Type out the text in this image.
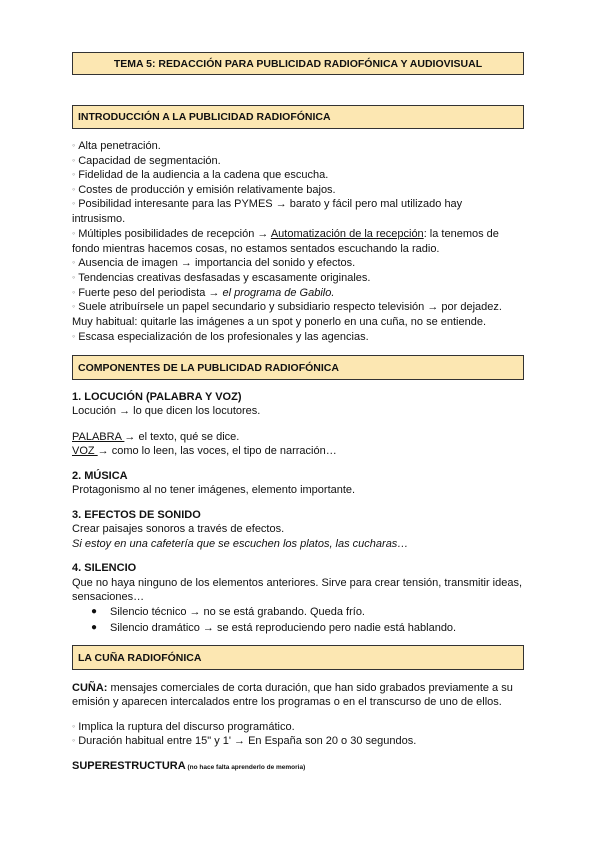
TEMA 5: REDACCIÓN PARA PUBLICIDAD RADIOFÓNICA Y AUDIOVISUAL
INTRODUCCIÓN A LA PUBLICIDAD RADIOFÓNICA
◦ Alta penetración.
◦ Capacidad de segmentación.
◦ Fidelidad de la audiencia a la cadena que escucha.
◦ Costes de producción y emisión relativamente bajos.
◦ Posibilidad interesante para las PYMES → barato y fácil pero mal utilizado hay
intrusismo.
◦ Múltiples posibilidades de recepción → Automatización de la recepción: la tenemos de
fondo mientras hacemos cosas, no estamos sentados escuchando la radio.
◦ Ausencia de imagen → importancia del sonido y efectos.
◦ Tendencias creativas desfasadas y escasamente originales.
◦ Fuerte peso del periodista → el programa de Gabilo.
◦ Suele atribuírsele un papel secundario y subsidiario respecto televisión → por dejadez.
Muy habitual: quitarle las imágenes a un spot y ponerlo en una cuña, no se entiende.
◦ Escasa especialización de los profesionales y las agencias.
COMPONENTES DE LA PUBLICIDAD RADIOFÓNICA
1. LOCUCIÓN (PALABRA Y VOZ)
Locución → lo que dicen los locutores.
PALABRA → el texto, qué se dice.
VOZ → como lo leen, las voces, el tipo de narración…
2. MÚSICA
Protagonismo al no tener imágenes, elemento importante.
3. EFECTOS DE SONIDO
Crear paisajes sonoros a través de efectos.
Si estoy en una cafetería que se escuchen los platos, las cucharas…
4. SILENCIO
Que no haya ninguno de los elementos anteriores. Sirve para crear tensión, transmitir ideas,
sensaciones…
● Silencio técnico → no se está grabando. Queda frío.
● Silencio dramático → se está reproduciendo pero nadie está hablando.
LA CUÑA RADIOFÓNICA
CUÑA: mensajes comerciales de corta duración, que han sido grabados previamente a su
emisión y aparecen intercalados entre los programas o en el transcurso de uno de ellos.
◦ Implica la ruptura del discurso programático.
◦ Duración habitual entre 15" y 1' → En España son 20 o 30 segundos.
SUPERESTRUCTURA (no hace falta aprenderlo de memoria)
